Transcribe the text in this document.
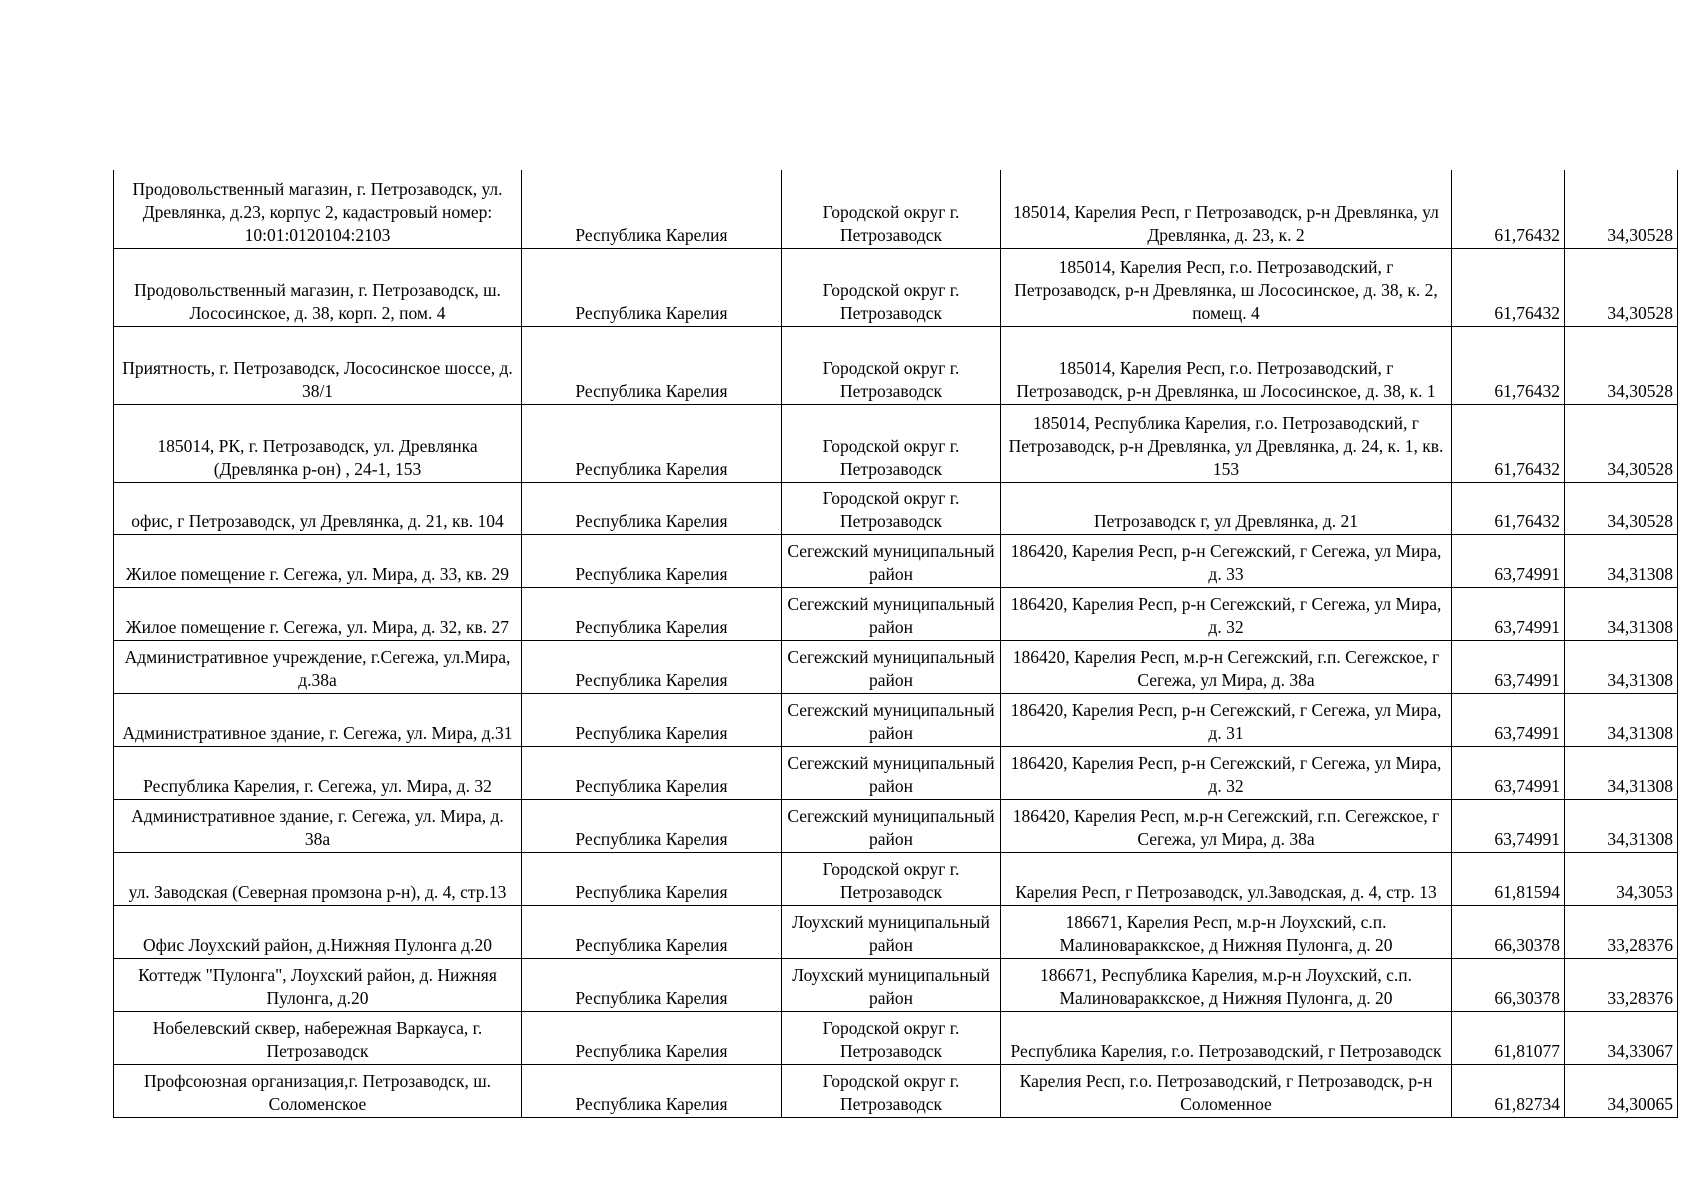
Продовольственный магазин, г. Петрозаводск, ул. Древлянка, д.23, корпус 2, кадастровый номер: 10:01:0120104:2103	Республика Карелия	Городской округ г. Петрозаводск	185014, Карелия Респ, г Петрозаводск, р-н Древлянка, ул Древлянка, д. 23, к. 2	61,76432	34,30528

Продовольственный магазин, г. Петрозаводск, ш. Лососинское, д. 38, корп. 2, пом. 4	Республика Карелия	Городской округ г. Петрозаводск	185014, Карелия Респ, г.о. Петрозаводский, г Петрозаводск, р-н Древлянка, ш Лососинское, д. 38, к. 2, помещ. 4	61,76432	34,30528

Приятность, г. Петрозаводск, Лососинское шоссе, д. 38/1	Республика Карелия	Городской округ г. Петрозаводск	185014, Карелия Респ, г.о. Петрозаводский, г Петрозаводск, р-н Древлянка, ш Лососинское, д. 38, к. 1	61,76432	34,30528

185014, РК, г. Петрозаводск, ул. Древлянка (Древлянка р-он) , 24-1, 153	Республика Карелия	Городской округ г. Петрозаводск	185014, Республика Карелия, г.о. Петрозаводский, г Петрозаводск, р-н Древлянка, ул Древлянка, д. 24, к. 1, кв. 153	61,76432	34,30528

офис, г Петрозаводск, ул Древлянка, д. 21, кв. 104	Республика Карелия	Городской округ г. Петрозаводск	Петрозаводск г, ул Древлянка, д. 21	61,76432	34,30528

Жилое помещение г. Сегежа, ул. Мира, д. 33, кв. 29	Республика Карелия	Сегежский муниципальный район	186420, Карелия Респ, р-н Сегежский, г Сегежа, ул Мира, д. 33	63,74991	34,31308

Жилое помещение г. Сегежа, ул. Мира, д. 32, кв. 27	Республика Карелия	Сегежский муниципальный район	186420, Карелия Респ, р-н Сегежский, г Сегежа, ул Мира, д. 32	63,74991	34,31308

Административное учреждение, г.Сегежа, ул.Мира, д.38а	Республика Карелия	Сегежский муниципальный район	186420, Карелия Респ, м.р-н Сегежский, г.п. Сегежское, г Сегежа, ул Мира, д. 38а	63,74991	34,31308

Административное здание, г. Сегежа, ул. Мира, д.31	Республика Карелия	Сегежский муниципальный район	186420, Карелия Респ, р-н Сегежский, г Сегежа, ул Мира, д. 31	63,74991	34,31308

Республика Карелия, г. Сегежа, ул. Мира, д. 32	Республика Карелия	Сегежский муниципальный район	186420, Карелия Респ, р-н Сегежский, г Сегежа, ул Мира, д. 32	63,74991	34,31308

Административное здание, г. Сегежа, ул. Мира, д. 38а	Республика Карелия	Сегежский муниципальный район	186420, Карелия Респ, м.р-н Сегежский, г.п. Сегежское, г Сегежа, ул Мира, д. 38а	63,74991	34,31308

ул. Заводская (Северная промзона р-н), д. 4, стр.13	Республика Карелия	Городской округ г. Петрозаводск	Карелия Респ, г Петрозаводск, ул.Заводская, д. 4, стр. 13	61,81594	34,3053

Офис Лоухский район, д.Нижняя Пулонга д.20	Республика Карелия	Лоухский муниципальный район	186671, Карелия Респ, м.р-н Лоухский, с.п. Малиновараккское, д Нижняя Пулонга, д. 20	66,30378	33,28376

Коттедж "Пулонга", Лоухский район, д. Нижняя Пулонга, д.20	Республика Карелия	Лоухский муниципальный район	186671, Республика Карелия, м.р-н Лоухский, с.п. Малиновараккское, д Нижняя Пулонга, д. 20	66,30378	33,28376

Нобелевский сквер, набережная Варкауса, г. Петрозаводск	Республика Карелия	Городской округ г. Петрозаводск	Республика Карелия, г.о. Петрозаводский, г Петрозаводск	61,81077	34,33067

Профсоюзная организация,г. Петрозаводск, ш. Соломенское	Республика Карелия	Городской округ г. Петрозаводск	Карелия Респ, г.о. Петрозаводский, г Петрозаводск, р-н Соломенное	61,82734	34,30065
